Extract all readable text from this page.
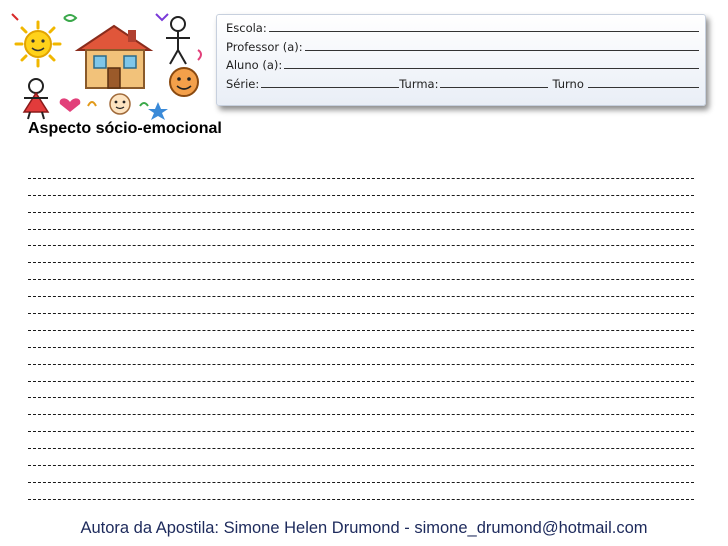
Escola:
Professor (a):
Aluno (a):
Série:	Turma:	Turno
Aspecto sócio-emocional
Autora da Apostila: Simone Helen Drumond - simone_drumond@hotmail.com
